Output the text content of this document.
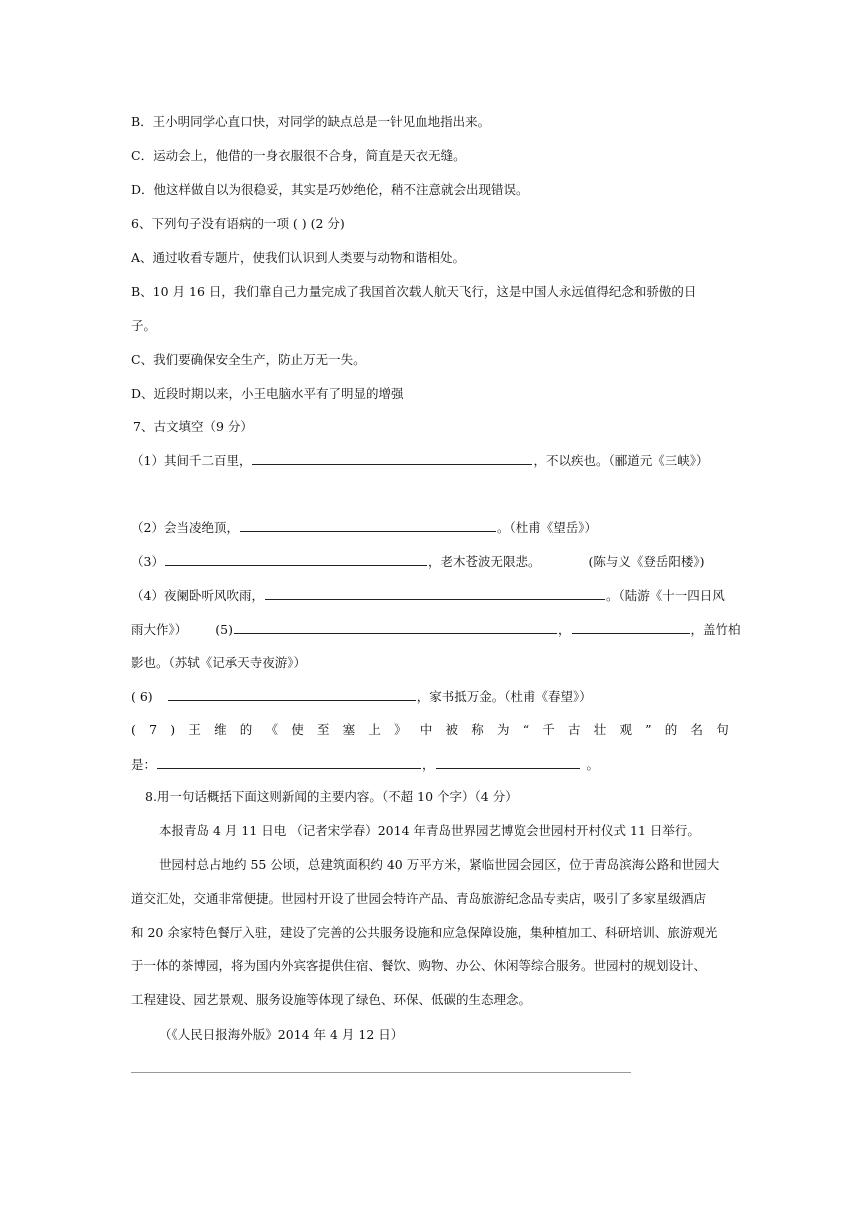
B．王小明同学心直口快，对同学的缺点总是一针见血地指出来。
C．运动会上，他借的一身衣服很不合身，简直是天衣无缝。
D．他这样做自以为很稳妥，其实是巧妙绝伦，稍不注意就会出现错误。
6、下列句子没有语病的一项 ( ) (2 分)
A、通过收看专题片，使我们认识到人类要与动物和谐相处。
B、10 月 16 日，我们靠自己力量完成了我国首次载人航天飞行，这是中国人永远值得纪念和骄傲的日
子。
C、我们要确保安全生产，防止万无一失。
D、近段时期以来，小王电脑水平有了明显的增强
7、古文填空（9 分）
（1）其间千二百里，	，不以疾也。（郦道元《三峡》）
（2）会当凌绝顶，	。（杜甫《望岳》）
（3）	，老木苍波无限悲。	(陈与义《登岳阳楼》)
（4）夜阑卧听风吹雨，	。（陆游《十一四日风
雨大作》） (5)	，	，盖竹柏
影也。（苏轼《记承天寺夜游》）
( 6)	，家书抵万金。（杜甫《春望》）
( 7 ) 王 维 的 《 使 至 塞 上 》 中 被 称 为 “ 千 古 壮 观 ” 的 名 句
是：	，	。
8.用一句话概括下面这则新闻的主要内容。（不超 10 个字）（4 分）
本报青岛 4 月 11 日电 （记者宋学春）2014 年青岛世界园艺博览会世园村开村仪式 11 日举行。
世园村总占地约 55 公顷，总建筑面积约 40 万平方米，紧临世园会园区，位于青岛滨海公路和世园大
道交汇处，交通非常便捷。世园村开设了世园会特许产品、青岛旅游纪念品专卖店，吸引了多家星级酒店
和 20 余家特色餐厅入驻，建设了完善的公共服务设施和应急保障设施，集种植加工、科研培训、旅游观光
于一体的茶博园，将为国内外宾客提供住宿、餐饮、购物、办公、休闲等综合服务。世园村的规划设计、
工程建设、园艺景观、服务设施等体现了绿色、环保、低碳的生态理念。
（《人民日报海外版》2014 年 4 月 12 日）
